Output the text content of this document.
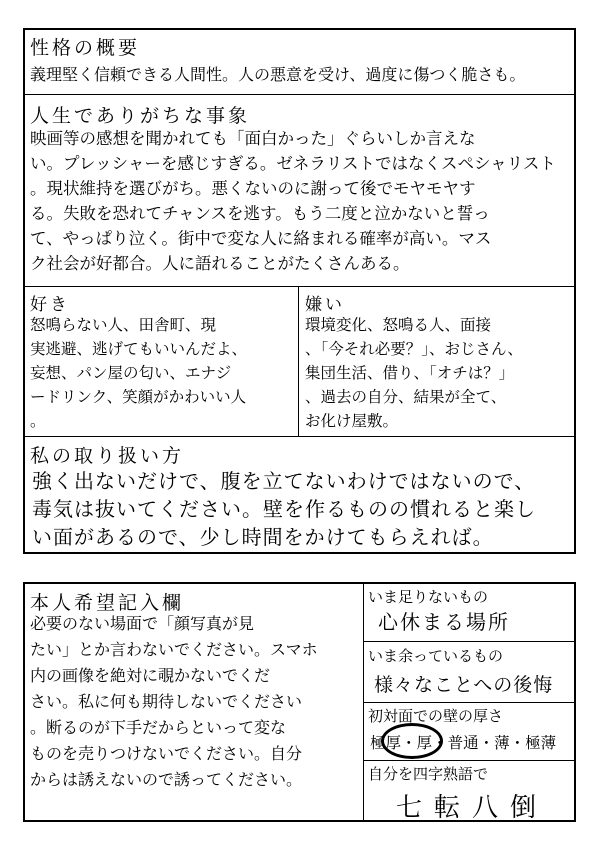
性格の概要
義理堅く信頼できる人間性。人の悪意を受け、過度に傷つく脆さも。
人生でありがちな事象
映画等の感想を聞かれても「面白かった」ぐらいしか言えな
い。プレッシャーを感じすぎる。ゼネラリストではなくスペシャリスト
。現状維持を選びがち。悪くないのに謝って後でモヤモヤす
る。失敗を恐れてチャンスを逃す。もう二度と泣かないと誓っ
て、やっぱり泣く。街中で変な人に絡まれる確率が高い。マス
ク社会が好都合。人に語れることがたくさんある。
好き
怒鳴らない人、田舎町、現
実逃避、逃げてもいいんだよ、
妄想、パン屋の匂い、エナジ
ードリンク、笑顔がかわいい人
。
嫌い
環境変化、怒鳴る人、面接
、「今それ必要？」、おじさん、
集団生活、借り、「オチは？」
、過去の自分、結果が全て、
お化け屋敷。
私の取り扱い方
強く出ないだけで、腹を立てないわけではないので、
毒気は抜いてください。壁を作るものの慣れると楽し
い面があるので、少し時間をかけてもらえれば。
本人希望記入欄
必要のない場面で「顔写真が見
たい」とか言わないでください。スマホ
内の画像を絶対に覗かないでくだ
さい。私に何も期待しないでください
。断るのが下手だからといって変な
ものを売りつけないでください。自分
からは誘えないので誘ってください。
いま足りないもの
心休まる場所
いま余っているもの
様々なことへの後悔
初対面での壁の厚さ
極厚・厚・普通・薄・極薄
自分を四字熟語で
七転八倒
